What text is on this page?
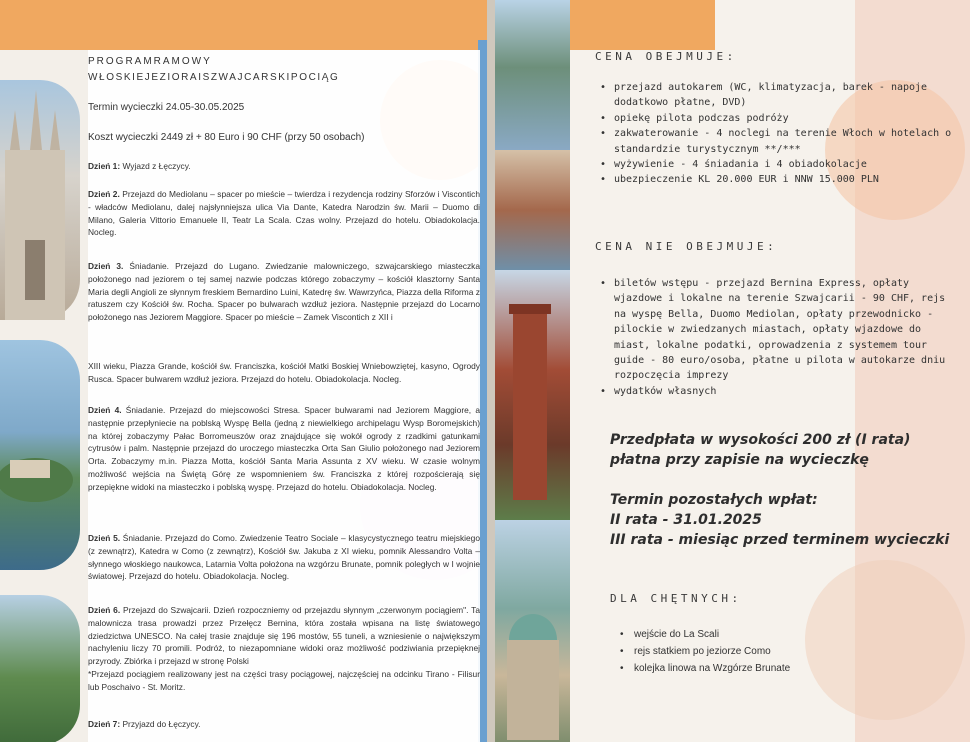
PROGRAMRAMOWY
WŁOSKIEJEZIORAISZWAJCARSKIPOCIĄG
Termin wycieczki 24.05-30.05.2025
Koszt wycieczki 2449 zł + 80 Euro i 90 CHF (przy 50 osobach)
Dzień 1: Wyjazd z Łęczycy.
Dzień 2. Przejazd do Mediolanu – spacer po mieście – twierdza i rezydencja rodziny Sforzów i Viscontich - władców Mediolanu, dalej najsłynniejsza ulica Via Dante, Katedra Narodzin św. Marii – Duomo di Milano, Galeria Vittorio Emanuele II, Teatr La Scala. Czas wolny. Przejazd do hotelu. Obiadokolacja. Nocleg.
Dzień 3. Śniadanie. Przejazd do Lugano. Zwiedzanie malowniczego, szwajcarskiego miasteczka położonego nad jeziorem o tej samej nazwie podczas którego zobaczymy – kościół klasztorny Santa Maria degli Angioli ze słynnym freskiem Bernardino Luini, Katedrę św. Wawrzyńca, Piazza della Riforma z ratuszem czy Kościół św. Rocha. Spacer po bulwarach wzdłuż jeziora. Następnie przejazd do Locarno położonego nas Jeziorem Maggiore. Spacer po mieście – Zamek Viscontich z XII i
XIII wieku, Piazza Grande, kościół św. Franciszka, kościół Matki Boskiej Wniebowziętej, kasyno, Ogrody Rusca. Spacer bulwarem wzdłuż jeziora. Przejazd do hotelu. Obiadokolacja. Nocleg.
Dzień 4. Śniadanie. Przejazd do miejscowości Stresa. Spacer bulwarami nad Jeziorem Maggiore, a następnie przepłyniecie na poblską Wyspę Bella (jedną z niewielkiego archipelagu Wysp Boromejskich) na której zobaczymy Pałac Borromeuszów oraz znajdujące się wokół ogrody z rzadkimi gatunkami cytrusów i palm. Następnie przejazd do uroczego miasteczka Orta San Giulio położonego nad Jeziorem Orta. Zobaczymy m.in. Piazza Motta, kościół Santa Maria Assunta z XV wieku. W czasie wolnym możliwość wejścia na Świętą Górę ze wspomnieniem św. Franciszka z której rozpościerają się przepiękne widoki na miasteczko i poblską wyspę. Przejazd do hotelu. Obiadokolacja. Nocleg.
Dzień 5. Śniadanie. Przejazd do Como. Zwiedzenie Teatro Sociale – klasycystycznego teatru miejskiego (z zewnątrz), Katedra w Como (z zewnątrz), Kościół św. Jakuba z XI wieku, pomnik Alessandro Volta – słynnego włoskiego naukowca, Latarnia Volta położona na wzgórzu Brunate, pomnik poległych w I wojnie światowej. Przejazd do hotelu. Obiadokolacja. Nocleg.
Dzień 6. Przejazd do Szwajcarii. Dzień rozpoczniemy od przejazdu słynnym „czerwonym pociągiem". Ta malownicza trasa prowadzi przez Przełęcz Bernina, która została wpisana na listę światowego dziedzictwa UNESCO. Na całej trasie znajduje się 196 mostów, 55 tuneli, a wzniesienie o największym nachyleniu liczy 70 promili. Podróż, to niezapomniane widoki oraz możliwość podziwiania przepięknej przyrody. Zbiórka i przejazd w stronę Polski
*Przejazd pociągiem realizowany jest na części trasy pociągowej, najczęściej na odcinku Tirano - Filisur lub Poschaivo - St. Moritz.
Dzień 7: Przyjazd do Łęczycy.
CENA OBEJMUJE:
• przejazd autokarem (WC, klimatyzacja, barek - napoje dodatkowo płatne, DVD)
• opiekę pilota podczas podróży
• zakwaterowanie - 4 noclegi na terenie Włoch w hotelach o standardzie turystycznym **/***
• wyżywienie - 4 śniadania i 4 obiadokolacje
• ubezpieczenie KL 20.000 EUR i NNW 15.000 PLN
CENA NIE OBEJMUJE:
• biletów wstępu - przejazd Bernina Express, opłaty wjazdowe i lokalne na terenie Szwajcarii - 90 CHF, rejs na wyspę Bella, Duomo Mediolan, opłaty przewodnicko - pilockie w zwiedzanych miastach, opłaty wjazdowe do miast, lokalne podatki, oprowadzenia z systemem tour guide - 80 euro/osoba, płatne u pilota w autokarze dniu rozpoczęcia imprezy
• wydatków własnych
Przedpłata w wysokości 200 zł (I rata)
płatna przy zapisie na wycieczkę
Termin pozostałych wpłat:
II rata - 31.01.2025
III rata - miesiąc przed terminem wycieczki
DLA CHĘTNYCH:
• wejście do La Scali
• rejs statkiem po jeziorze Como
• kolejka linowa na Wzgórze Brunate
